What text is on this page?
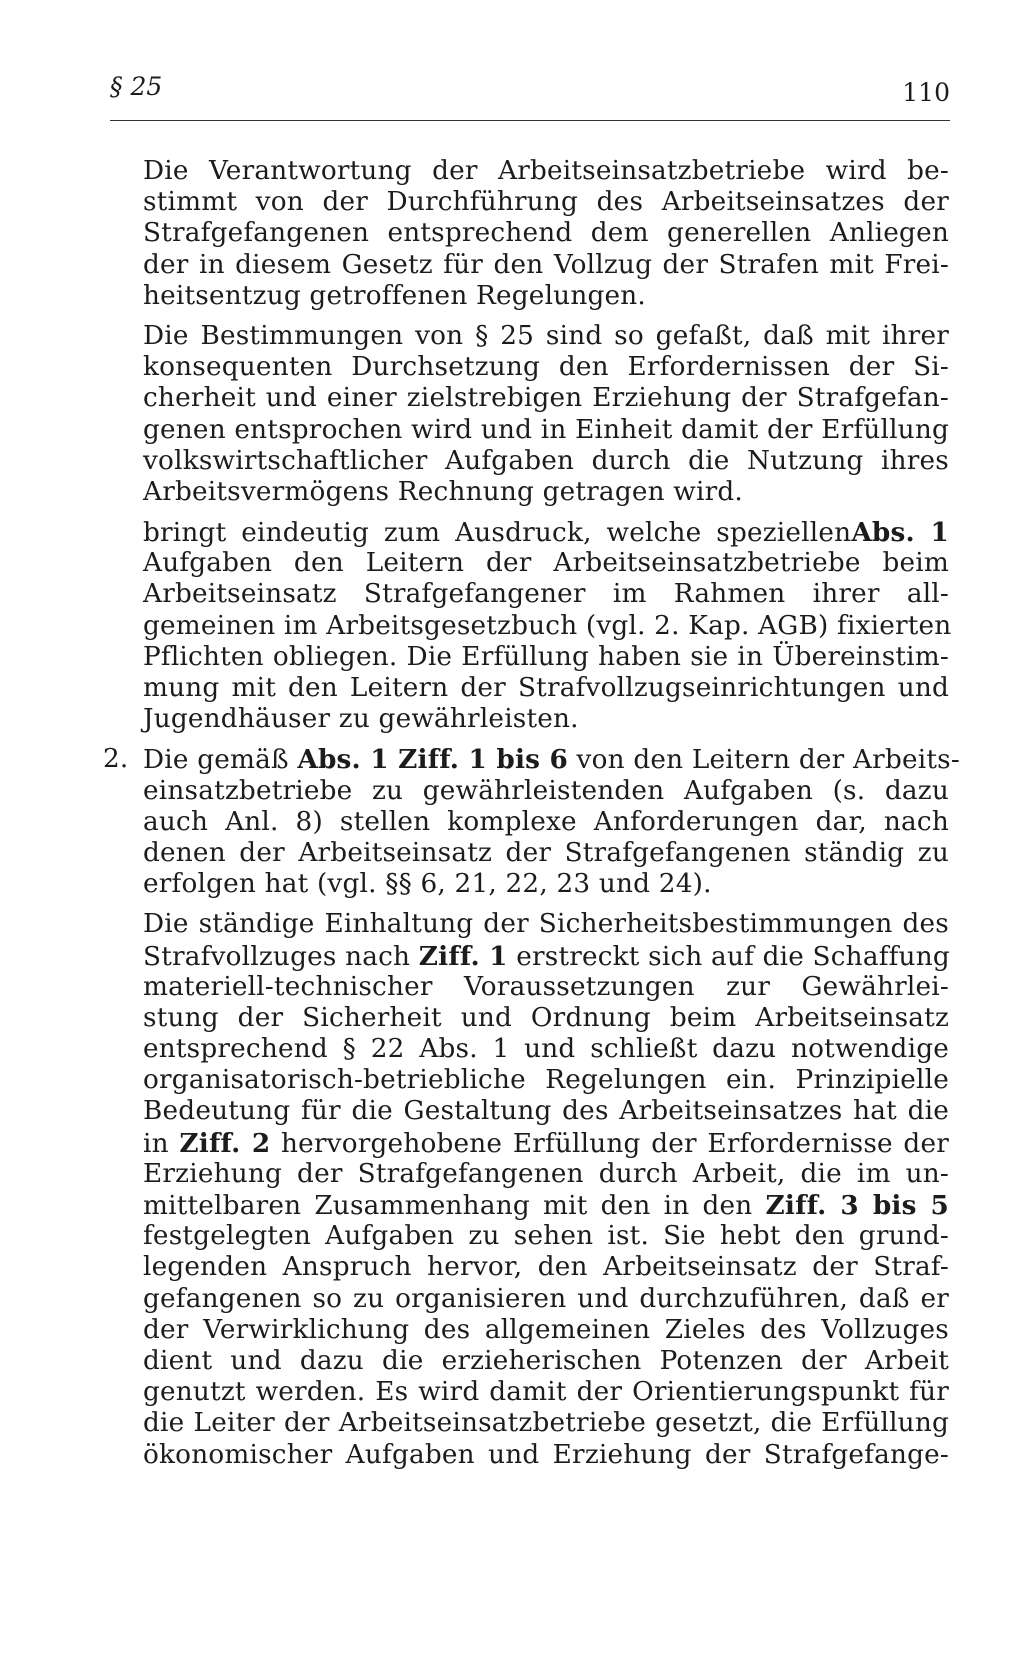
§ 25	110
Die Verantwortung der Arbeitseinsatzbetriebe wird be-
stimmt von der Durchführung des Arbeitseinsatzes der
Strafgefangenen entsprechend dem generellen Anliegen
der in diesem Gesetz für den Vollzug der Strafen mit Frei-
heitsentzug getroffenen Regelungen.
Die Bestimmungen von § 25 sind so gefaßt, daß mit ihrer
konsequenten Durchsetzung den Erfordernissen der Si-
cherheit und einer zielstrebigen Erziehung der Strafgefan-
genen entsprochen wird und in Einheit damit der Erfüllung
volkswirtschaftlicher Aufgaben durch die Nutzung ihres
Arbeitsvermögens Rechnung getragen wird.
bringt eindeutig zum Ausdruck, welche speziellenAbs. 1
Aufgaben den Leitern der Arbeitseinsatzbetriebe beim
Arbeitseinsatz Strafgefangener im Rahmen ihrer all-
gemeinen im Arbeitsgesetzbuch (vgl. 2. Kap. AGB) fixierten
Pflichten obliegen. Die Erfüllung haben sie in Übereinstim-
mung mit den Leitern der Strafvollzugseinrichtungen und
Jugendhäuser zu gewährleisten.
2. Die gemäß Abs. 1 Ziff. 1 bis 6 von den Leitern der Arbeits-
einsatzbetriebe zu gewährleistenden Aufgaben (s. dazu
auch Anl. 8) stellen komplexe Anforderungen dar, nach
denen der Arbeitseinsatz der Strafgefangenen ständig zu
erfolgen hat (vgl. §§ 6, 21, 22, 23 und 24).
Die ständige Einhaltung der Sicherheitsbestimmungen des
Strafvollzuges nach Ziff. 1 erstreckt sich auf die Schaffung
materiell-technischer Voraussetzungen zur Gewährlei-
stung der Sicherheit und Ordnung beim Arbeitseinsatz
entsprechend § 22 Abs. 1 und schließt dazu notwendige
organisatorisch-betriebliche Regelungen ein. Prinzipielle
Bedeutung für die Gestaltung des Arbeitseinsatzes hat die
in Ziff. 2 hervorgehobene Erfüllung der Erfordernisse der
Erziehung der Strafgefangenen durch Arbeit, die im un-
mittelbaren Zusammenhang mit den in den Ziff. 3 bis 5
festgelegten Aufgaben zu sehen ist. Sie hebt den grund-
legenden Anspruch hervor, den Arbeitseinsatz der Straf-
gefangenen so zu organisieren und durchzuführen, daß er
der Verwirklichung des allgemeinen Zieles des Vollzuges
dient und dazu die erzieherischen Potenzen der Arbeit
genutzt werden. Es wird damit der Orientierungspunkt für
die Leiter der Arbeitseinsatzbetriebe gesetzt, die Erfüllung
ökonomischer Aufgaben und Erziehung der Strafgefange-
